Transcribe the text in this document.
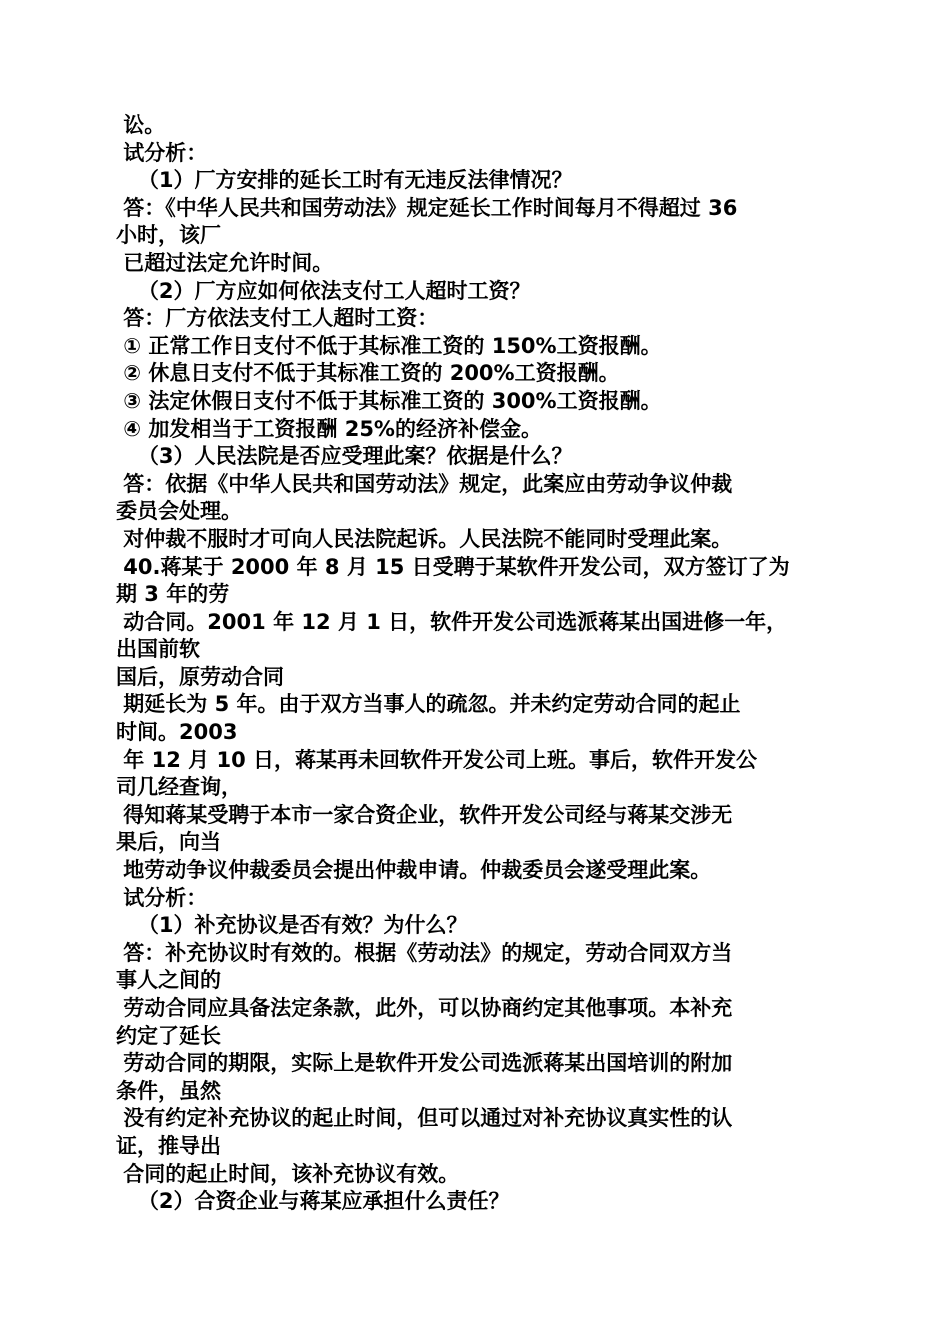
讼。
试分析：
（1）厂方安排的延长工时有无违反法律情况？
答：《中华人民共和国劳动法》规定延长工作时间每月不得超过 36
小时，该厂
已超过法定允许时间。
（2）厂方应如何依法支付工人超时工资？
答：厂方依法支付工人超时工资：
① 正常工作日支付不低于其标准工资的 150%工资报酬。
② 休息日支付不低于其标准工资的 200%工资报酬。
③ 法定休假日支付不低于其标准工资的 300%工资报酬。
④ 加发相当于工资报酬 25%的经济补偿金。
（3）人民法院是否应受理此案？依据是什么？
答：依据《中华人民共和国劳动法》规定，此案应由劳动争议仲裁
委员会处理。
对仲裁不服时才可向人民法院起诉。人民法院不能同时受理此案。
40.蒋某于 2000 年 8 月 15 日受聘于某软件开发公司，双方签订了为
期 3 年的劳
动合同。2001 年 12 月 1 日，软件开发公司选派蒋某出国进修一年，
出国前软
国后，原劳动合同
期延长为 5 年。由于双方当事人的疏忽。并未约定劳动合同的起止
时间。2003
年 12 月 10 日，蒋某再未回软件开发公司上班。事后，软件开发公
司几经查询，
得知蒋某受聘于本市一家合资企业，软件开发公司经与蒋某交涉无
果后，向当
地劳动争议仲裁委员会提出仲裁申请。仲裁委员会遂受理此案。
试分析：
（1）补充协议是否有效？为什么？
答：补充协议时有效的。根据《劳动法》的规定，劳动合同双方当
事人之间的
劳动合同应具备法定条款，此外，可以协商约定其他事项。本补充
约定了延长
劳动合同的期限，实际上是软件开发公司选派蒋某出国培训的附加
条件，虽然
没有约定补充协议的起止时间，但可以通过对补充协议真实性的认
证，推导出
合同的起止时间，该补充协议有效。
（2）合资企业与蒋某应承担什么责任？
